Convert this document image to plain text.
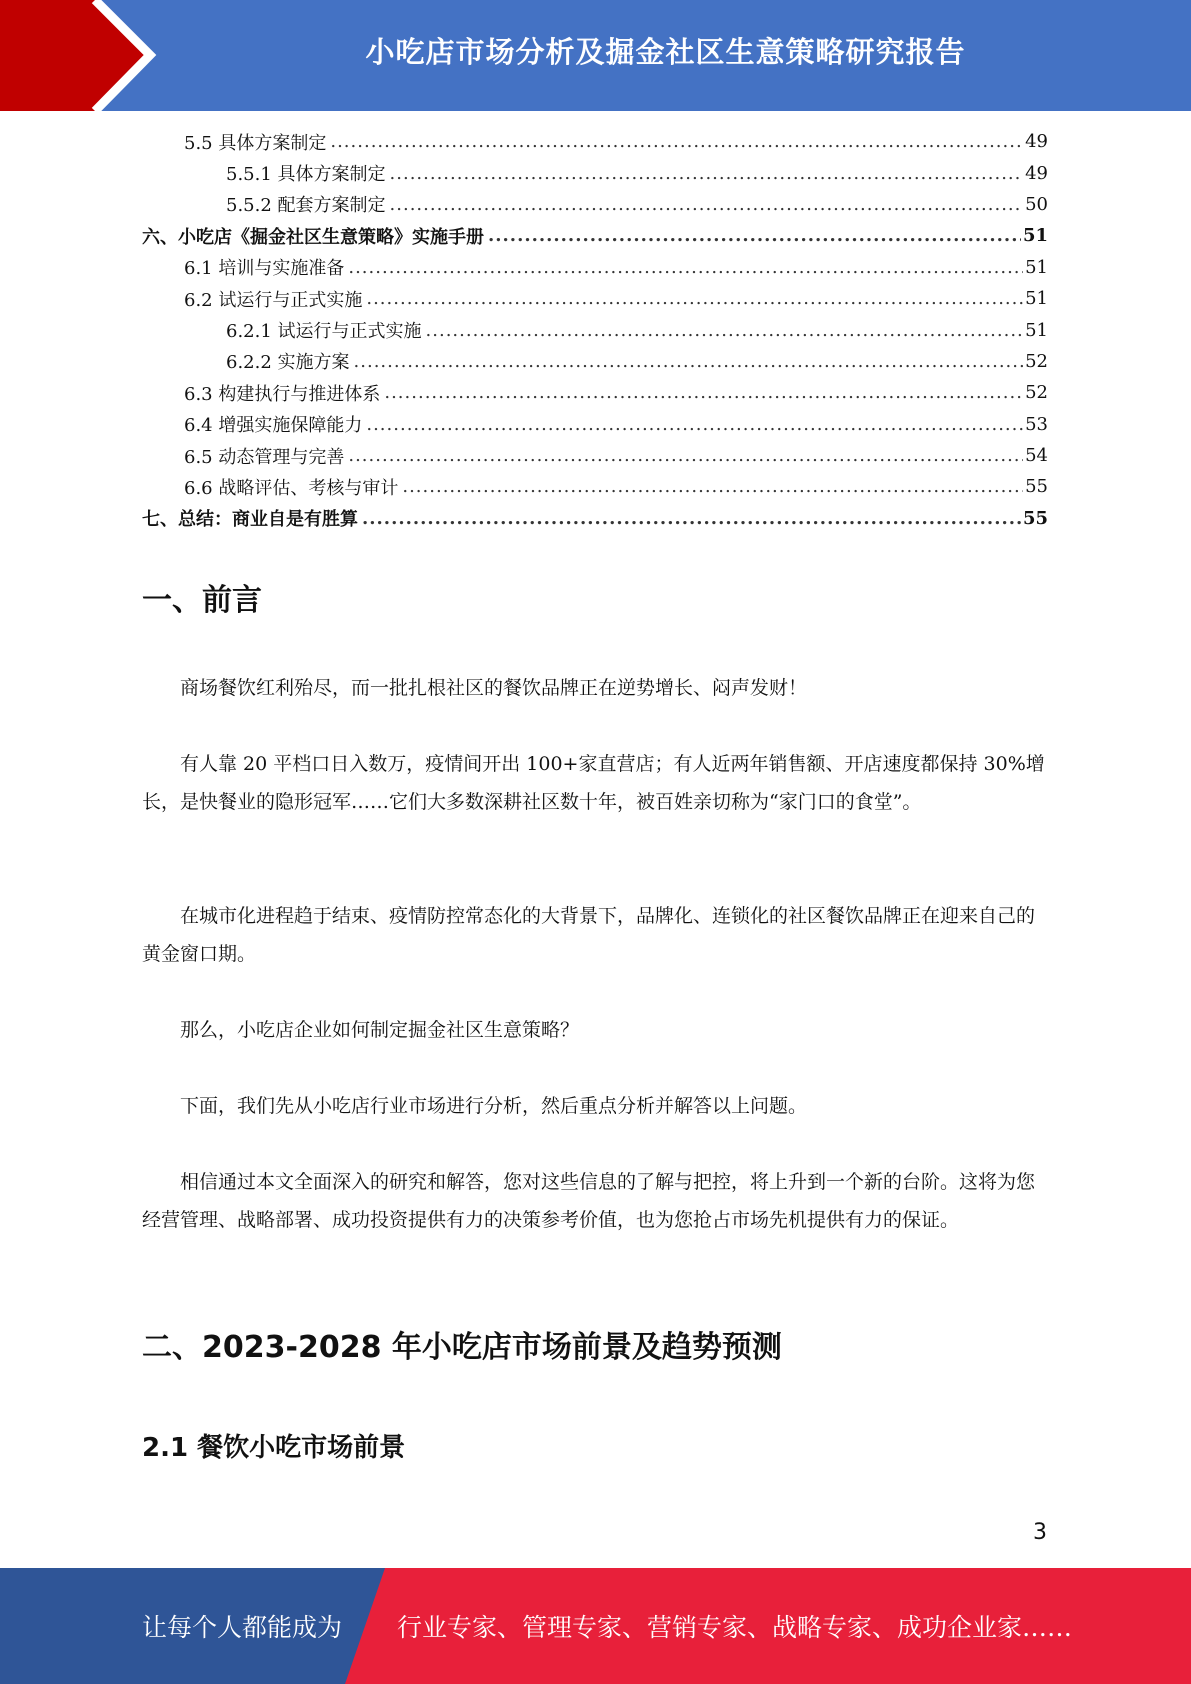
小吃店市场分析及掘金社区生意策略研究报告
5.5 具体方案制定 .....	49
5.5.1 具体方案制定 .....	49
5.5.2 配套方案制定 .....	50
六、小吃店《掘金社区生意策略》实施手册 .....	51
6.1 培训与实施准备 .....	51
6.2 试运行与正式实施 .....	51
6.2.1 试运行与正式实施 .....	51
6.2.2 实施方案 .....	52
6.3 构建执行与推进体系 .....	52
6.4 增强实施保障能力 .....	53
6.5 动态管理与完善 .....	54
6.6 战略评估、考核与审计 .....	55
七、总结：商业自是有胜算 .....	55
一、前言
商场餐饮红利殆尽，而一批扎根社区的餐饮品牌正在逆势增长、闷声发财！
有人靠 20 平档口日入数万，疫情间开出 100+家直营店；有人近两年销售额、开店速度都保持 30%增长，是快餐业的隐形冠军……它们大多数深耕社区数十年，被百姓亲切称为“家门口的食堂”。
在城市化进程趋于结束、疫情防控常态化的大背景下，品牌化、连锁化的社区餐饮品牌正在迎来自己的黄金窗口期。
那么，小吃店企业如何制定掘金社区生意策略？
下面，我们先从小吃店行业市场进行分析，然后重点分析并解答以上问题。
相信通过本文全面深入的研究和解答，您对这些信息的了解与把控，将上升到一个新的台阶。这将为您经营管理、战略部署、成功投资提供有力的决策参考价值，也为您抢占市场先机提供有力的保证。
二、2023-2028 年小吃店市场前景及趋势预测
2.1 餐饮小吃市场前景
3
让每个人都能成为 行业专家、管理专家、营销专家、战略专家、成功企业家……
